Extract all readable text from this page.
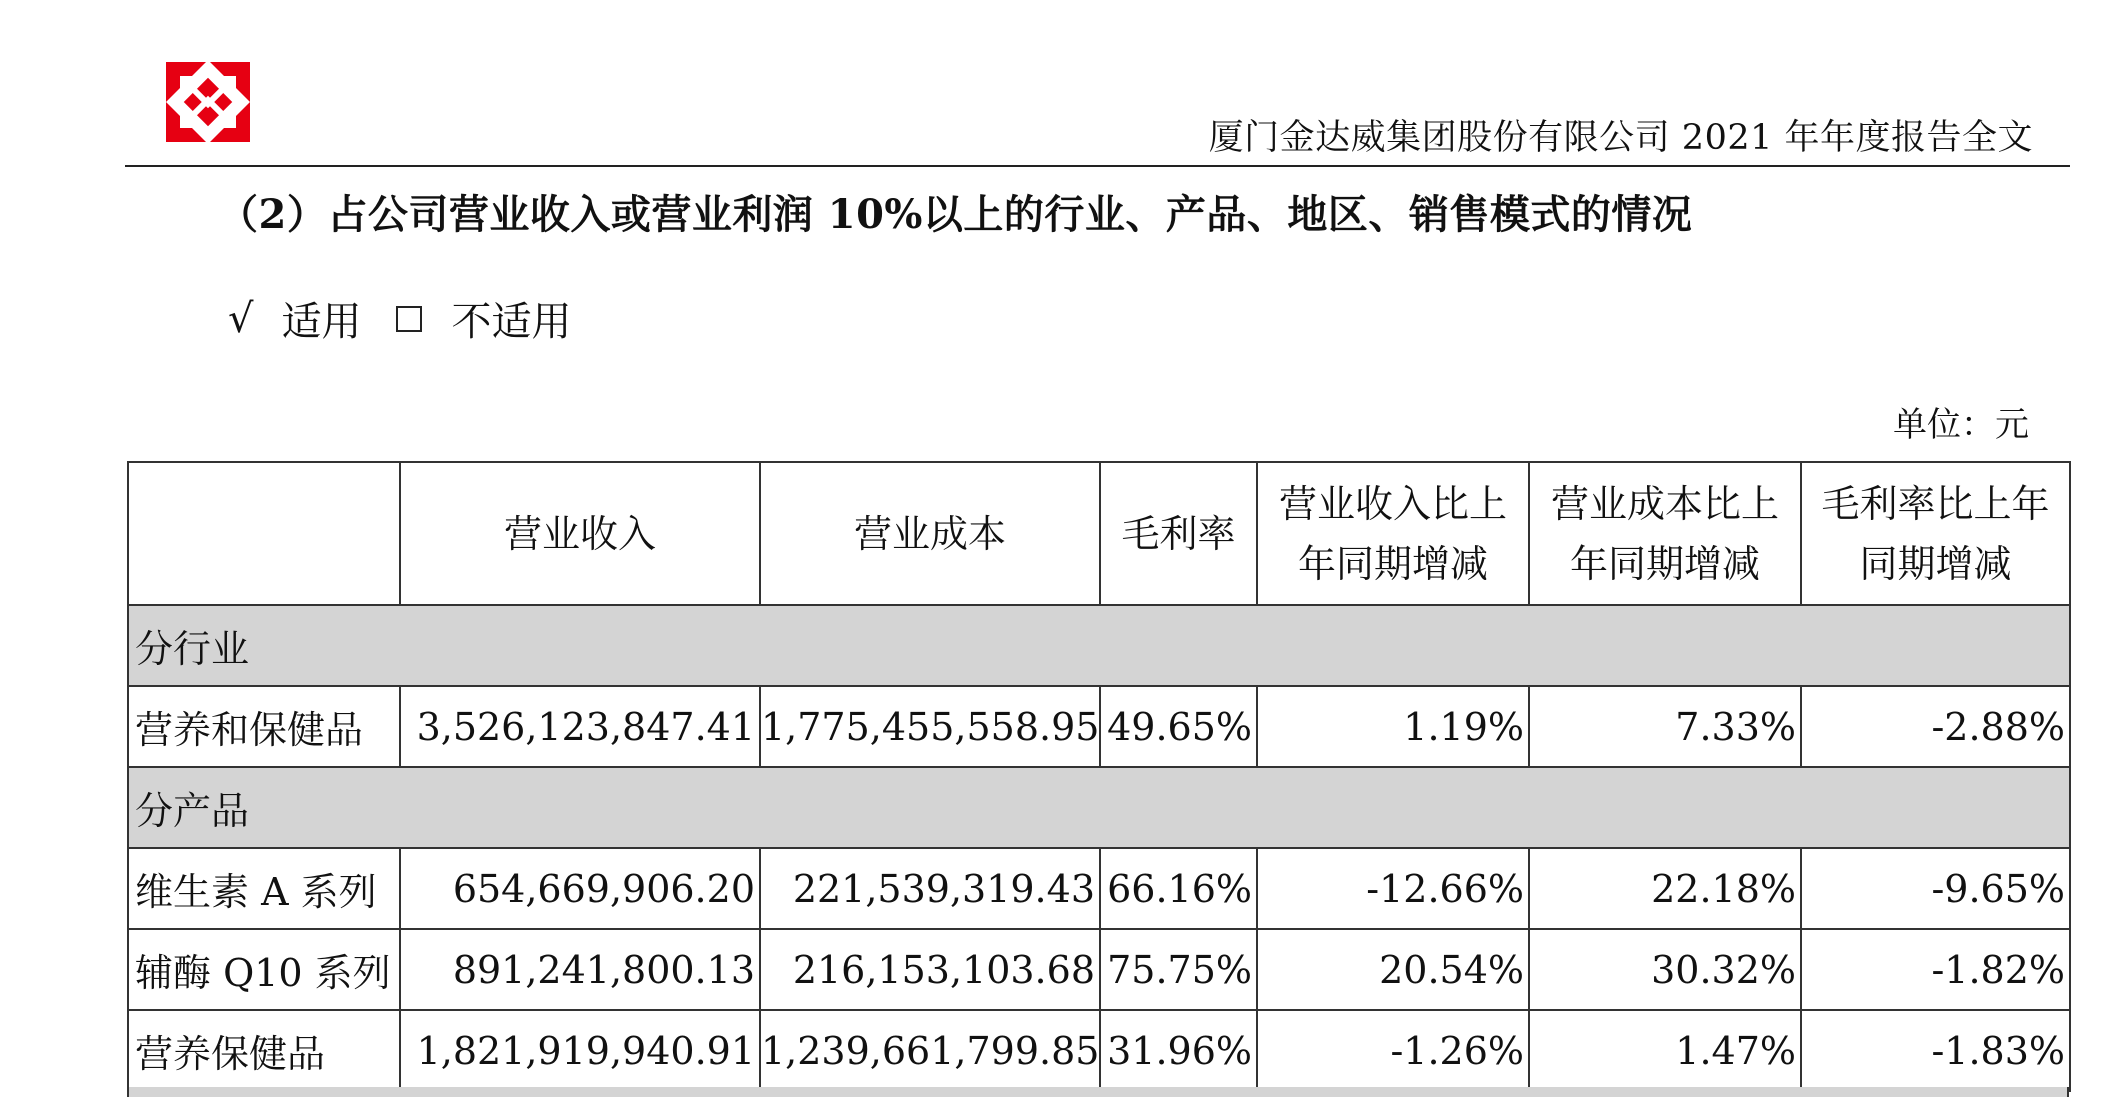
厦门金达威集团股份有限公司 2021 年年度报告全文
（2）占公司营业收入或营业利润 10%以上的行业、产品、地区、销售模式的情况
√ 适用 不适用
单位：元
	营业收入	营业成本	毛利率	营业收入比上年同期增减	营业成本比上年同期增减	毛利率比上年同期增减
分行业						
营养和保健品	3,526,123,847.41	1,775,455,558.95	49.65%	1.19%	7.33%	-2.88%
分产品						
维生素 A 系列	654,669,906.20	221,539,319.43	66.16%	-12.66%	22.18%	-9.65%
辅酶 Q10 系列	891,241,800.13	216,153,103.68	75.75%	20.54%	30.32%	-1.82%
营养保健品	1,821,919,940.91	1,239,661,799.85	31.96%	-1.26%	1.47%	-1.83%
